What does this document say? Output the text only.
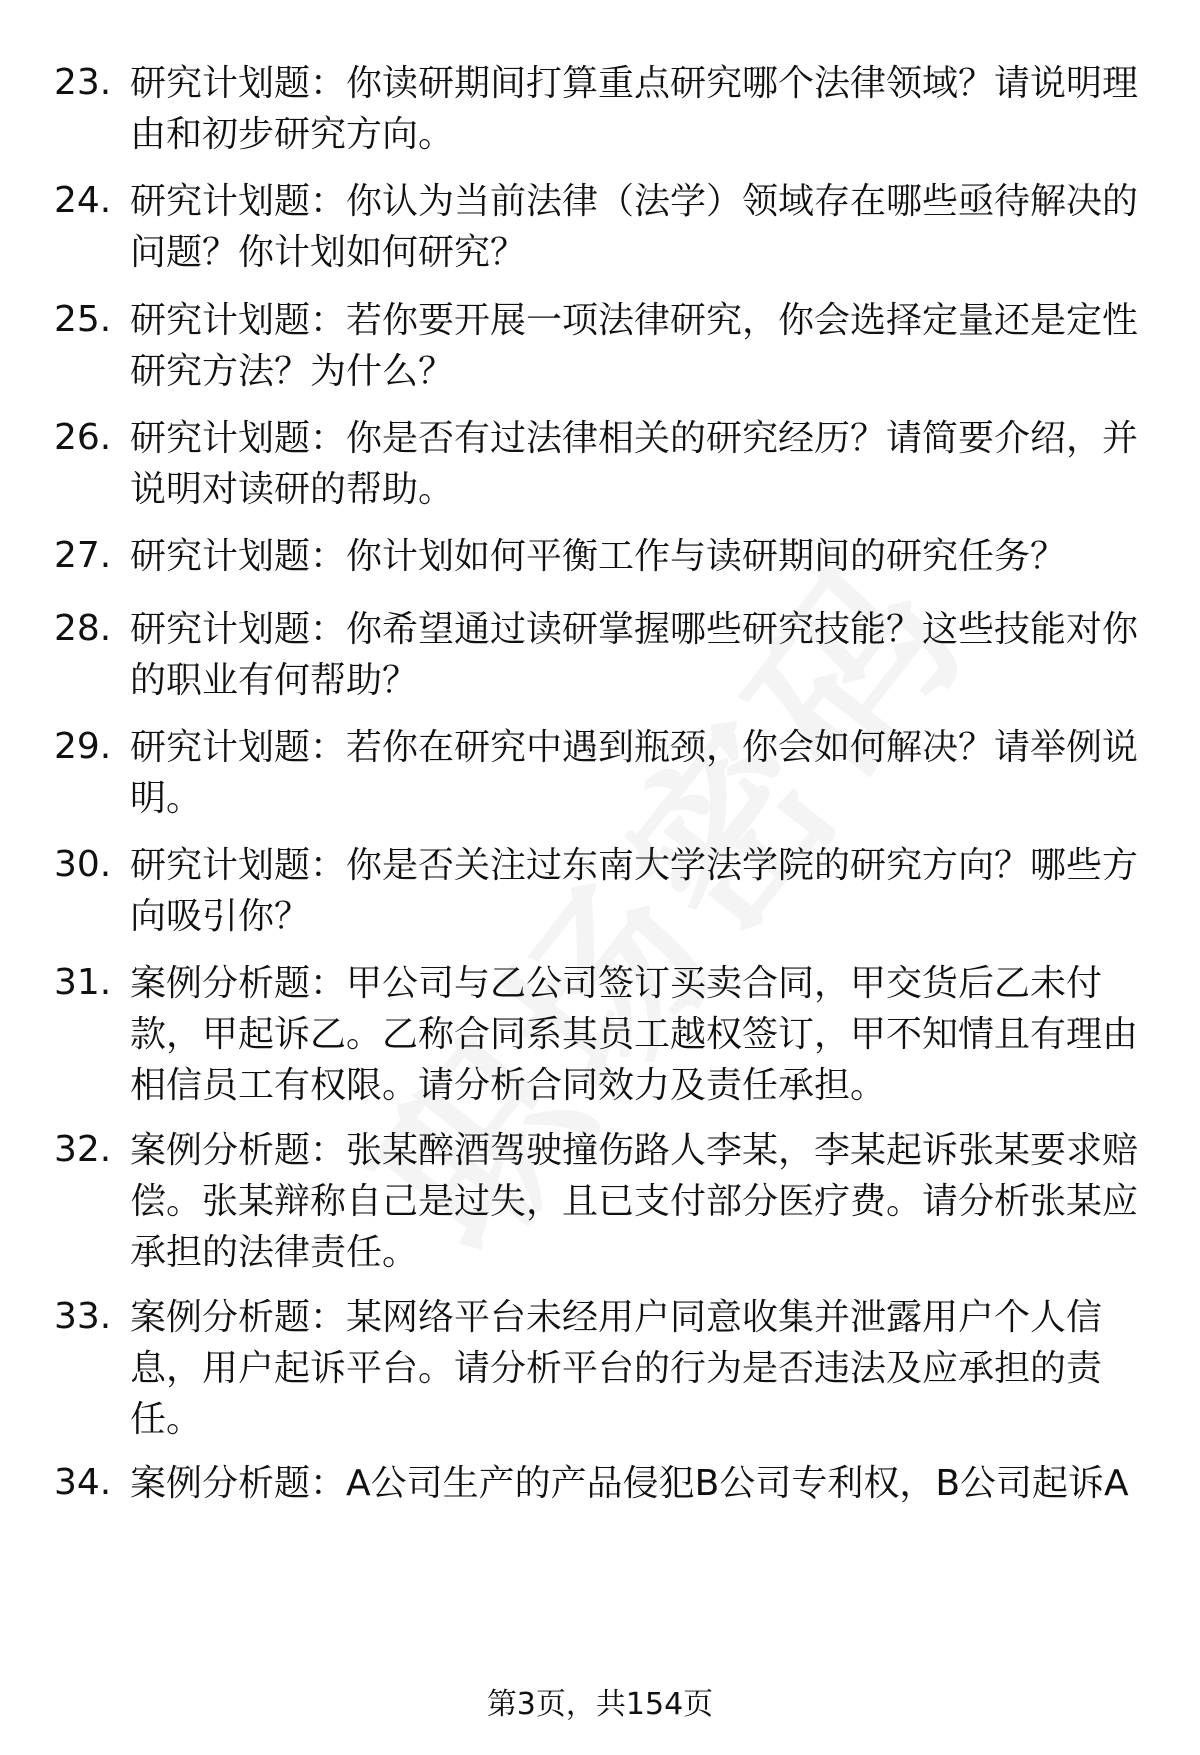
23. 研究计划题：你读研期间打算重点研究哪个法律领域？请说明理由和初步研究方向。
24. 研究计划题：你认为当前法律（法学）领域存在哪些亟待解决的问题？你计划如何研究？
25. 研究计划题：若你要开展一项法律研究，你会选择定量还是定性研究方法？为什么？
26. 研究计划题：你是否有过法律相关的研究经历？请简要介绍，并说明对读研的帮助。
27. 研究计划题：你计划如何平衡工作与读研期间的研究任务？
28. 研究计划题：你希望通过读研掌握哪些研究技能？这些技能对你的职业有何帮助？
29. 研究计划题：若你在研究中遇到瓶颈，你会如何解决？请举例说明。
30. 研究计划题：你是否关注过东南大学法学院的研究方向？哪些方向吸引你？
31. 案例分析题：甲公司与乙公司签订买卖合同，甲交货后乙未付款，甲起诉乙。乙称合同系其员工越权签订，甲不知情且有理由相信员工有权限。请分析合同效力及责任承担。
32. 案例分析题：张某醉酒驾驶撞伤路人李某，李某起诉张某要求赔偿。张某辩称自己是过失，且已支付部分医疗费。请分析张某应承担的法律责任。
33. 案例分析题：某网络平台未经用户同意收集并泄露用户个人信息，用户起诉平台。请分析平台的行为是否违法及应承担的责任。
34. 案例分析题：A公司生产的产品侵犯B公司专利权，B公司起诉A
第3页，共154页
